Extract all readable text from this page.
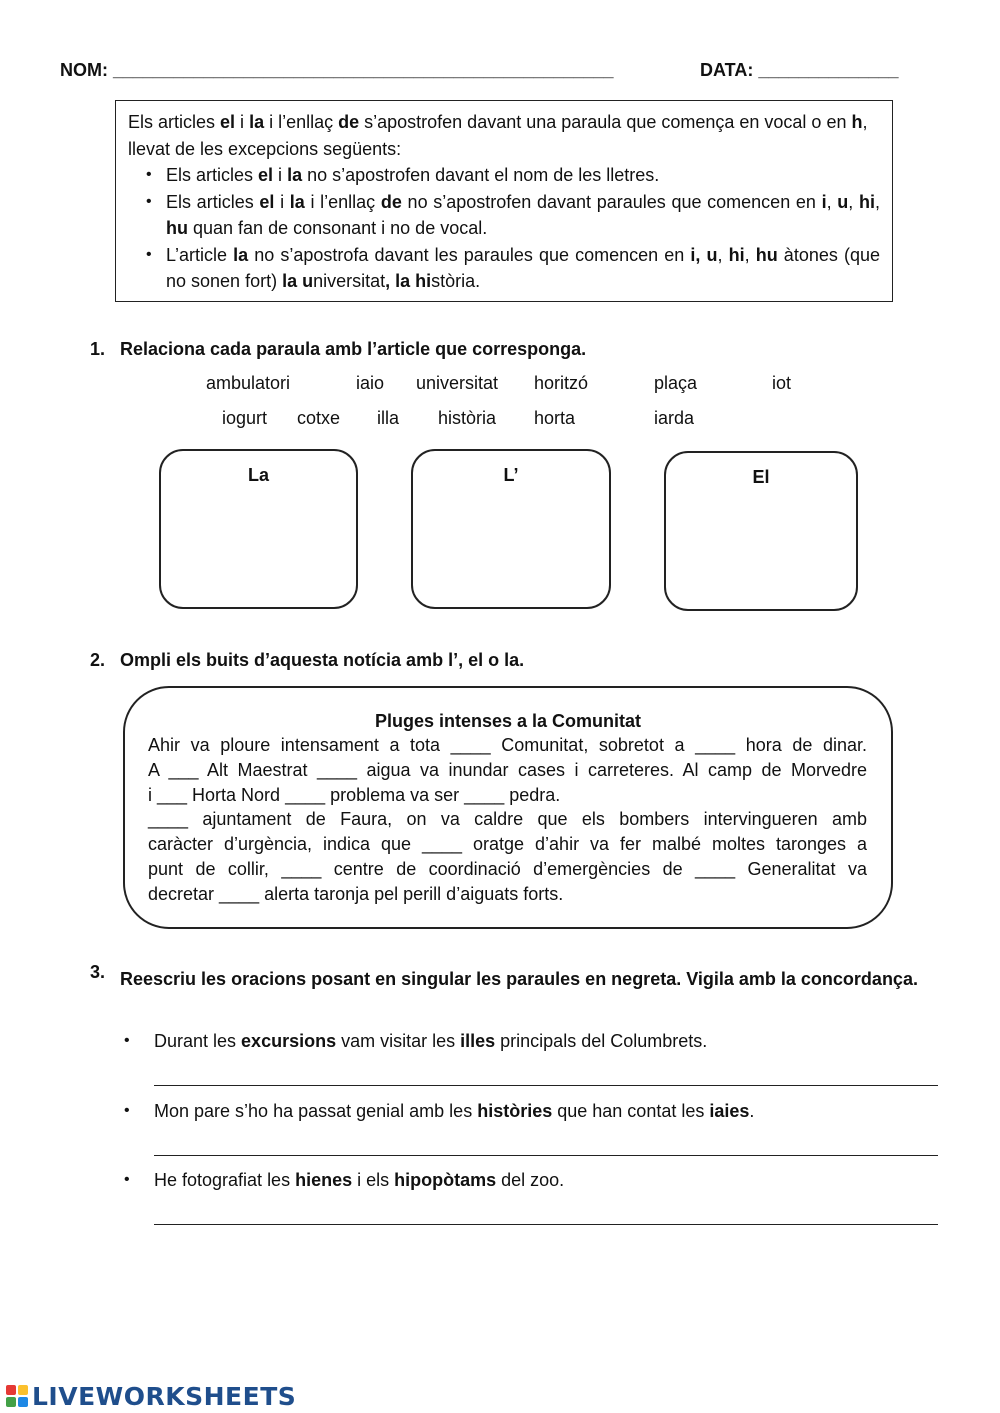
NOM: __________________________________________________	DATA: ______________

Els articles el i la i l’enllaç de s’apostrofen davant una paraula que comença en vocal o en h, llevat de les excepcions següents:

• Els articles el i la no s’apostrofen davant el nom de les lletres.
• Els articles el i la i l’enllaç de no s’apostrofen davant paraules que comencen en i, u, hi, hu quan fan de consonant i no de vocal.
• L’article la no s’apostrofa davant les paraules que comencen en i, u, hi, hu àtones (que no sonen fort) la universitat, la història.
1. Relaciona cada paraula amb l’article que corresponga.
ambulatori	iaio universitat horitzó	plaça	iot
iogurt cotxe illa història horta	iarda
La	L’	El
2. Ompli els buits d’aquesta notícia amb l’, el o la.
Pluges intenses a la Comunitat
Ahir va ploure intensament a tota ____ Comunitat, sobretot a ____ hora de dinar.
A ___ Alt Maestrat ____ aigua va inundar cases i carreteres. Al camp de Morvedre
i ___ Horta Nord ____ problema va ser ____ pedra.
____ ajuntament de Faura, on va caldre que els bombers intervingueren amb
caràcter d’urgència, indica que ____ oratge d’ahir va fer malbé moltes taronges a
punt de collir, ____ centre de coordinació d’emergències de ____ Generalitat va
decretar ____ alerta taronja pel perill d’aiguats forts.
3. Reescriu les oracions posant en singular les paraules en negreta. Vigila amb la concordança.
• Durant les excursions vam visitar les illes principals del Columbrets.
• Mon pare s’ho ha passat genial amb les històries que han contat les iaies.
• He fotografiat les hienes i els hipopòtams del zoo.
LIVEWORKSHEETS
